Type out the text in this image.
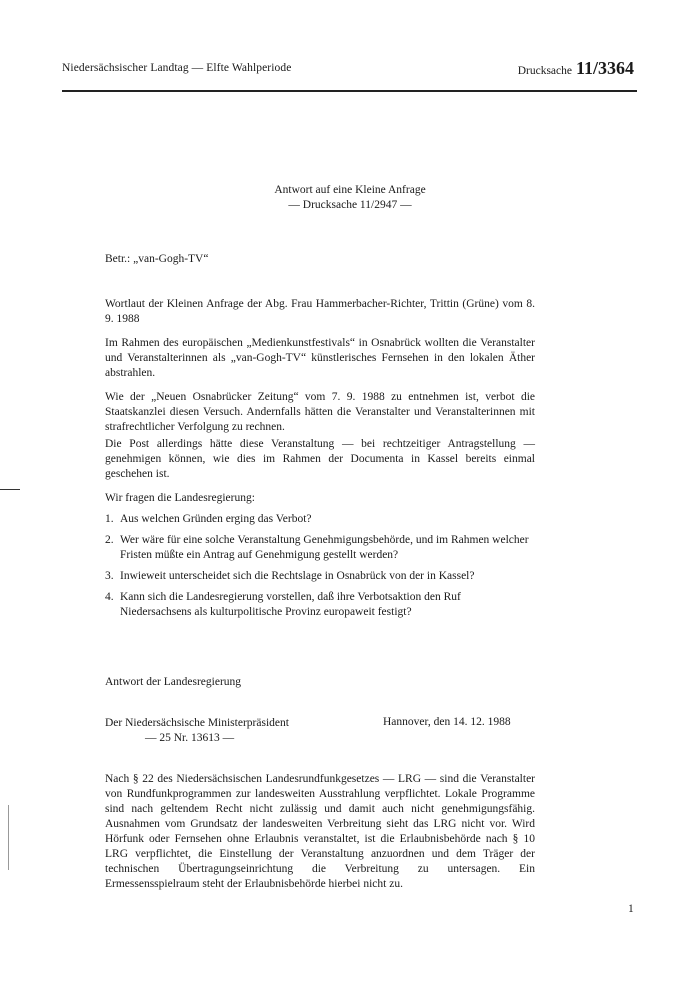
Niedersächsischer Landtag — Elfte Wahlperiode	Drucksache 11/3364
Antwort auf eine Kleine Anfrage
— Drucksache 11/2947 —
Betr.: „van-Gogh-TV“
Wortlaut der Kleinen Anfrage der Abg. Frau Hammerbacher-Richter, Trittin (Grüne) vom 8. 9. 1988
Im Rahmen des europäischen „Medienkunstfestivals“ in Osnabrück wollten die Veranstalter und Veranstalterinnen als „van-Gogh-TV“ künstlerisches Fernsehen in den lokalen Äther abstrahlen.
Wie der „Neuen Osnabrücker Zeitung“ vom 7. 9. 1988 zu entnehmen ist, verbot die Staatskanzlei diesen Versuch. Andernfalls hätten die Veranstalter und Veranstalterinnen mit strafrechtlicher Verfolgung zu rechnen.
Die Post allerdings hätte diese Veranstaltung — bei rechtzeitiger Antragstellung — genehmigen können, wie dies im Rahmen der Documenta in Kassel bereits einmal geschehen ist.
Wir fragen die Landesregierung:
1. Aus welchen Gründen erging das Verbot?
2. Wer wäre für eine solche Veranstaltung Genehmigungsbehörde, und im Rahmen welcher Fristen müßte ein Antrag auf Genehmigung gestellt werden?
3. Inwieweit unterscheidet sich die Rechtslage in Osnabrück von der in Kassel?
4. Kann sich die Landesregierung vorstellen, daß ihre Verbotsaktion den Ruf Niedersachsens als kulturpolitische Provinz europaweit festigt?
Antwort der Landesregierung
Der Niedersächsische Ministerpräsident
— 25 Nr. 13613 —
Hannover, den 14. 12. 1988
Nach § 22 des Niedersächsischen Landesrundfunkgesetzes — LRG — sind die Veranstalter von Rundfunkprogrammen zur landesweiten Ausstrahlung verpflichtet. Lokale Programme sind nach geltendem Recht nicht zulässig und damit auch nicht genehmigungsfähig. Ausnahmen vom Grundsatz der landesweiten Verbreitung sieht das LRG nicht vor. Wird Hörfunk oder Fernsehen ohne Erlaubnis veranstaltet, ist die Erlaubnisbehörde nach § 10 LRG verpflichtet, die Einstellung der Veranstaltung anzuordnen und dem Träger der technischen Übertragungseinrichtung die Verbreitung zu untersagen. Ein Ermessensspielraum steht der Erlaubnisbehörde hierbei nicht zu.
1
